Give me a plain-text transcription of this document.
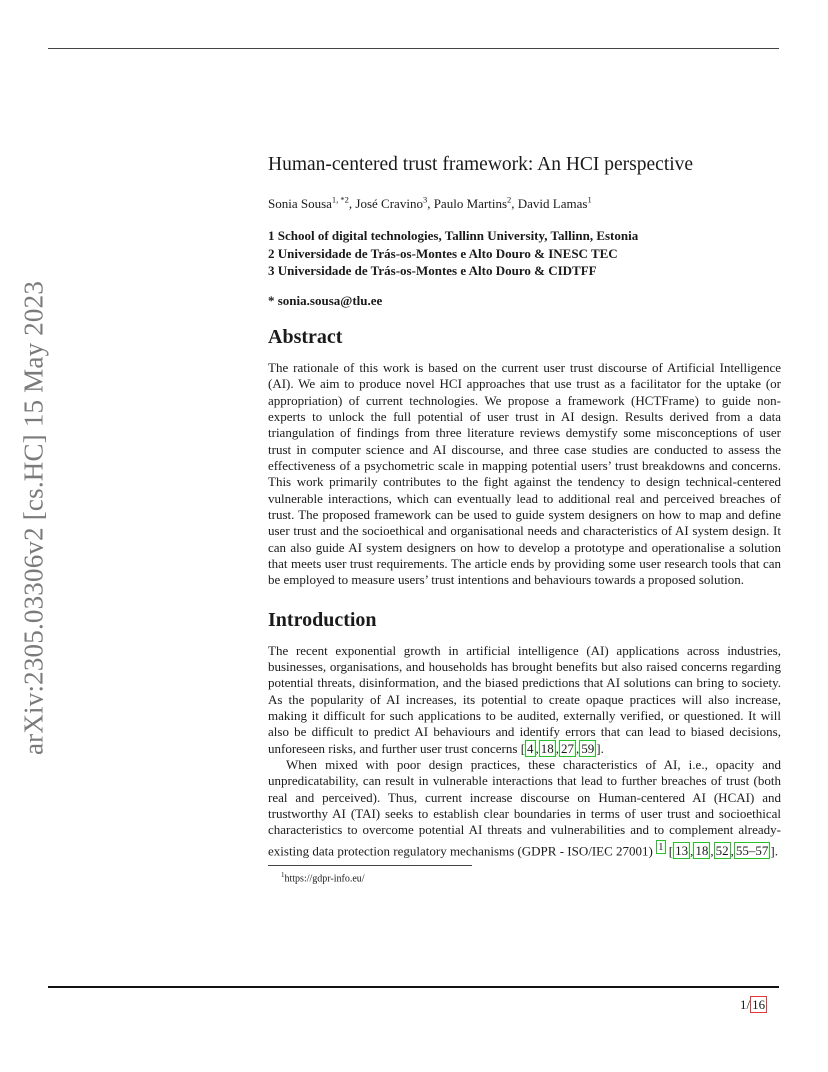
arXiv:2305.03306v2 [cs.HC] 15 May 2023
Human-centered trust framework: An HCI perspective
Sonia Sousa$^{1, *2}$, José Cravino$^3$, Paulo Martins$^2$, David Lamas$^1$
1 School of digital technologies, Tallinn University, Tallinn, Estonia
2 Universidade de Trás-os-Montes e Alto Douro & INESC TEC
3 Universidade de Trás-os-Montes e Alto Douro & CIDTFF
* sonia.sousa@tlu.ee
Abstract

The rationale of this work is based on the current user trust discourse of Artificial Intelligence (AI). We aim to produce novel HCI approaches that use trust as a facilitator for the uptake (or appropriation) of current technologies. We propose a framework (HCTFrame) to guide non-experts to unlock the full potential of user trust in AI design. Results derived from a data triangulation of findings from three literature reviews demystify some misconceptions of user trust in computer science and AI discourse, and three case studies are conducted to assess the effectiveness of a psychometric scale in mapping potential users’ trust breakdowns and concerns. This work primarily contributes to the fight against the tendency to design technical-centered vulnerable interactions, which can eventually lead to additional real and perceived breaches of trust. The proposed framework can be used to guide system designers on how to map and define user trust and the socioethical and organisational needs and characteristics of AI system design. It can also guide AI system designers on how to develop a prototype and operationalise a solution that meets user trust requirements. The article ends by providing some user research tools that can be employed to measure users’ trust intentions and behaviours towards a proposed solution.

Introduction

The recent exponential growth in artificial intelligence (AI) applications across industries, businesses, organisations, and households has brought benefits but also raised concerns regarding potential threats, disinformation, and the biased predictions that AI solutions can bring to society. As the popularity of AI increases, its potential to create opaque practices will also increase, making it difficult for such applications to be audited, externally verified, or questioned. It will also be difficult to predict AI behaviours and identify errors that can lead to biased decisions, unforeseen risks, and further user trust concerns [ 4 , 18 , 27 , 59 ].

When mixed with poor design practices, these characteristics of AI, i.e., opacity and unpredicatability, can result in vulnerable interactions that lead to further breaches of trust (both real and perceived). Thus, current increase discourse on Human-centered AI (HCAI) and trustworthy AI (TAI) seeks to establish clear boundaries in terms of user trust and socioethical characteristics to overcome potential AI threats and vulnerabilities and to complement already-existing data protection regulatory mechanisms (GDPR - ISO/IEC 27001) $^1$ [ 13 , 18 , 52 , 55–57 ].

$^1$https://gdpr-info.eu/
1/ 16
